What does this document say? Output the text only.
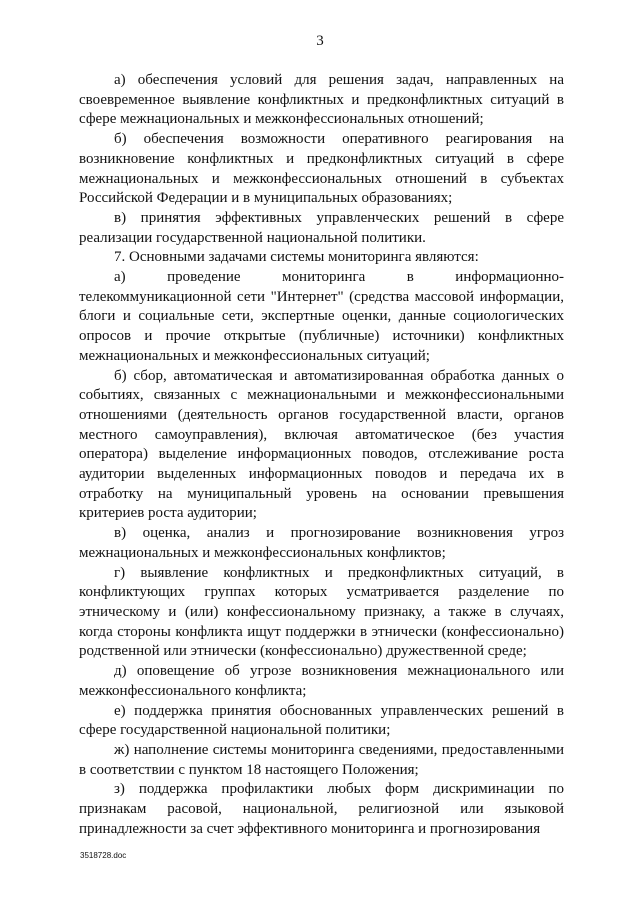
3

а) обеспечения условий для решения задач, направленных на своевременное выявление конфликтных и предконфликтных ситуаций в сфере межнациональных и межконфессиональных отношений;

б) обеспечения возможности оперативного реагирования на возникновение конфликтных и предконфликтных ситуаций в сфере межнациональных и межконфессиональных отношений в субъектах Российской Федерации и в муниципальных образованиях;

в) принятия эффективных управленческих решений в сфере реализации государственной национальной политики.

7. Основными задачами системы мониторинга являются:

а) проведение мониторинга в информационно-телекоммуникационной сети "Интернет" (средства массовой информации, блоги и социальные сети, экспертные оценки, данные социологических опросов и прочие открытые (публичные) источники) конфликтных межнациональных и межконфессиональных ситуаций;

б) сбор, автоматическая и автоматизированная обработка данных о событиях, связанных с межнациональными и межконфессиональными отношениями (деятельность органов государственной власти, органов местного самоуправления), включая автоматическое (без участия оператора) выделение информационных поводов, отслеживание роста аудитории выделенных информационных поводов и передача их в отработку на муниципальный уровень на основании превышения критериев роста аудитории;

в) оценка, анализ и прогнозирование возникновения угроз межнациональных и межконфессиональных конфликтов;

г) выявление конфликтных и предконфликтных ситуаций, в конфликтующих группах которых усматривается разделение по этническому и (или) конфессиональному признаку, а также в случаях, когда стороны конфликта ищут поддержки в этнически (конфессионально) родственной или этнически (конфессионально) дружественной среде;

д) оповещение об угрозе возникновения межнационального или межконфессионального конфликта;

е) поддержка принятия обоснованных управленческих решений в сфере государственной национальной политики;

ж) наполнение системы мониторинга сведениями, предоставленными в соответствии с пунктом 18 настоящего Положения;

з) поддержка профилактики любых форм дискриминации по признакам расовой, национальной, религиозной или языковой принадлежности за счет эффективного мониторинга и прогнозирования

3518728.doc
